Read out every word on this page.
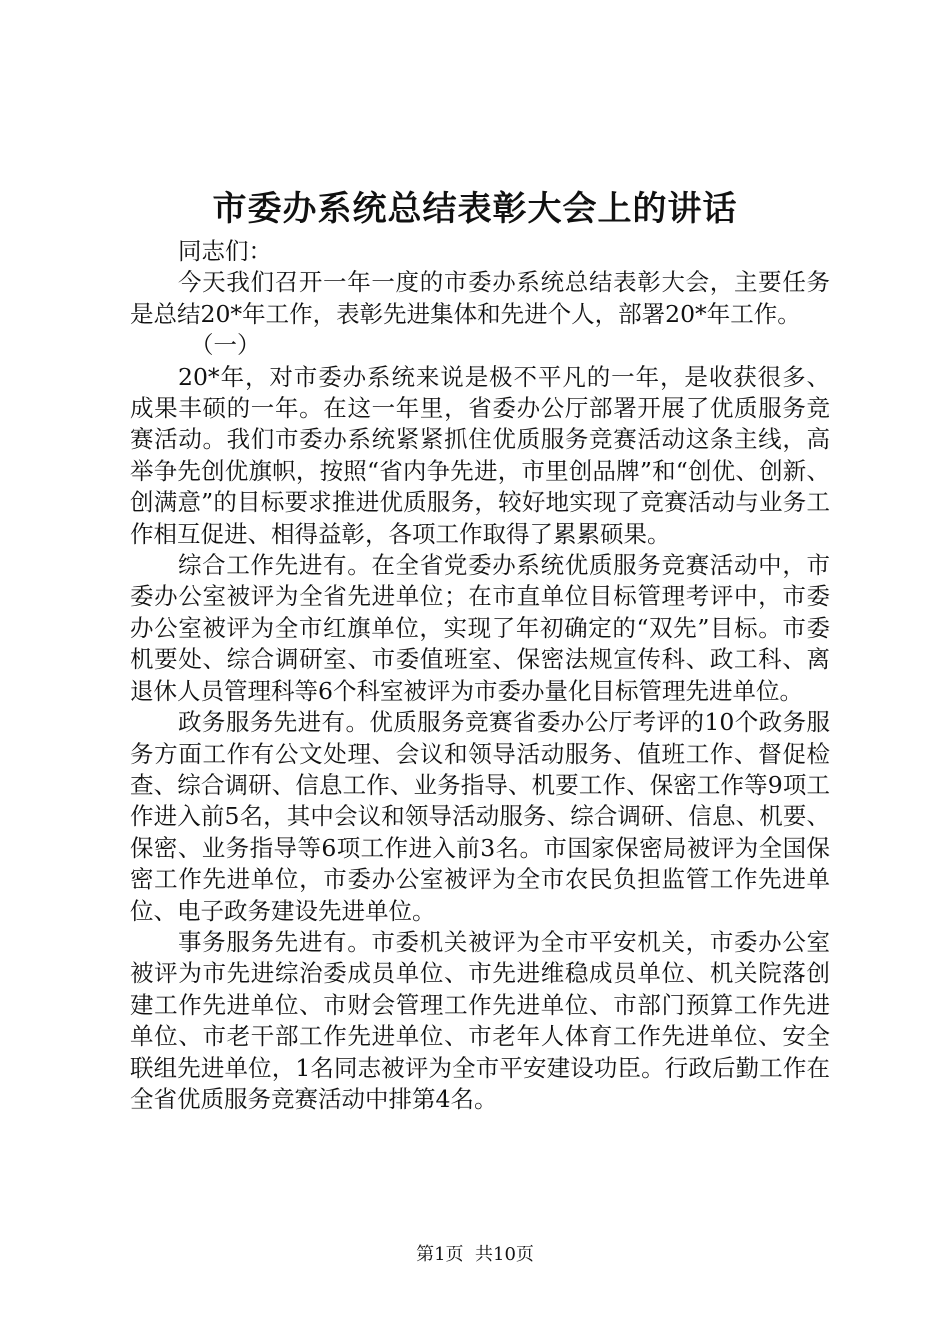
市委办系统总结表彰大会上的讲话

同志们：

今天我们召开一年一度的市委办系统总结表彰大会，主要任务是总结20*年工作，表彰先进集体和先进个人，部署20*年工作。

（一）

20*年，对市委办系统来说是极不平凡的一年，是收获很多、成果丰硕的一年。在这一年里，省委办公厅部署开展了优质服务竞赛活动。我们市委办系统紧紧抓住优质服务竞赛活动这条主线，高举争先创优旗帜，按照“省内争先进，市里创品牌”和“创优、创新、创满意”的目标要求推进优质服务，较好地实现了竞赛活动与业务工作相互促进、相得益彰，各项工作取得了累累硕果。

综合工作先进有。在全省党委办系统优质服务竞赛活动中，市委办公室被评为全省先进单位；在市直单位目标管理考评中，市委办公室被评为全市红旗单位，实现了年初确定的“双先”目标。市委机要处、综合调研室、市委值班室、保密法规宣传科、政工科、离退休人员管理科等6个科室被评为市委办量化目标管理先进单位。

政务服务先进有。优质服务竞赛省委办公厅考评的10个政务服务方面工作有公文处理、会议和领导活动服务、值班工作、督促检查、综合调研、信息工作、业务指导、机要工作、保密工作等9项工作进入前5名，其中会议和领导活动服务、综合调研、信息、机要、保密、业务指导等6项工作进入前3名。市国家保密局被评为全国保密工作先进单位，市委办公室被评为全市农民负担监管工作先进单位、电子政务建设先进单位。

事务服务先进有。市委机关被评为全市平安机关，市委办公室被评为市先进综治委成员单位、市先进维稳成员单位、机关院落创建工作先进单位、市财会管理工作先进单位、市部门预算工作先进单位、市老干部工作先进单位、市老年人体育工作先进单位、安全联组先进单位，1名同志被评为全市平安建设功臣。行政后勤工作在全省优质服务竞赛活动中排第4名。

第1页  共10页
